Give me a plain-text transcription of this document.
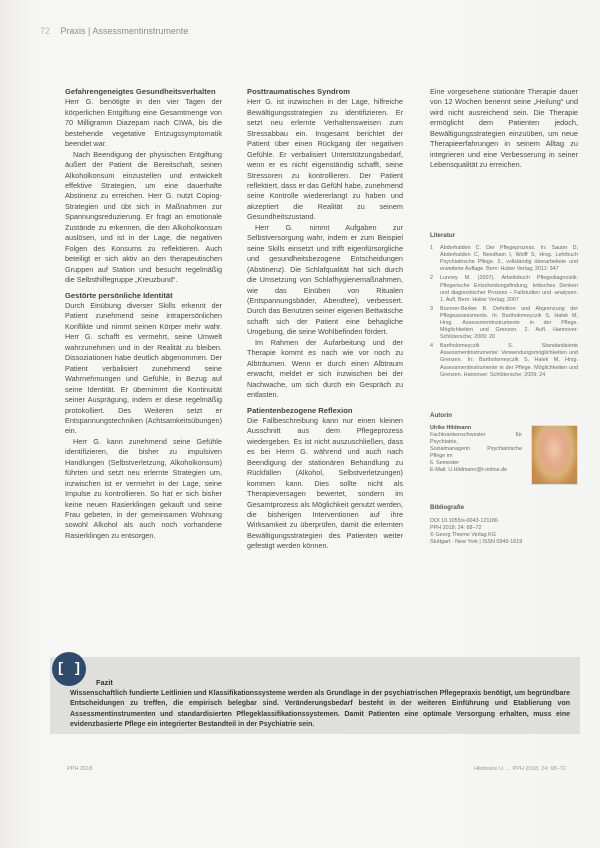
72 Praxis | Assessmentinstrumente
Gefahrengeneigtes Gesundheitsverhalten

Herr G. benötigte in den vier Tagen der körperlichen Entgiftung eine Gesamtmenge von 70 Milligramm Diazepam nach CIWA, bis die bestehende vegetative Entzugssymptomatik beendet war.

Nach Beendigung der physischen Entgiftung äußert der Patient die Bereitschaft, seinen Alkoholkonsum einzustellen und entwickelt effektive Strategien, um eine dauerhafte Abstinenz zu erreichen. Herr G. nutzt Coping-Strategien und übt sich in Maßnahmen zur Spannungsreduzierung. Er fragt an emotionale Zustände zu erkennen, die den Alkoholkonsum auslösen, und ist in der Lage, die negativen Folgen des Konsums zu reflektieren. Auch beteiligt er sich aktiv an den therapeutischen Gruppen auf Station und besucht regelmäßig die Selbsthilfegruppe „Kreuzbund“.

Gestörte persönliche Identität

Durch Einübung diverser Skills erkennt der Patient zunehmend seine intrapersönlichen Konflikte und nimmt seinen Körper mehr wahr. Herr G. schafft es vermehrt, seine Umwelt wahrzunehmen und in der Realität zu bleiben. Dissoziationen habe deutlich abgenommen. Der Patient verbalisiert zunehmend seine Wahrnehmungen und Gefühle, in Bezug auf seine Identität. Er übernimmt die Kontinuität seiner Ausprägung, indem er diese regelmäßig protokolliert. Des Weiteren setzt er Entspannungstechniken (Achtsamkeitsübungen) ein.

Herr G. kann zunehmend seine Gefühle identifizieren, die bisher zu impulsiven Handlungen (Selbstverletzung, Alkoholkonsum) führten und setzt neu erlernte Strategien um, inzwischen ist er vermehrt in der Lage, seine Impulse zu kontrollieren. So hat er sich bisher keine neuen Rasierklingen gekauft und seine Frau gebeten, in der gemeinsamen Wohnung sowohl Alkohol als auch noch vorhandene Rasierklingen zu entsorgen.

Posttraumatisches Syndrom

Herr G. ist inzwischen in der Lage, hilfreiche Bewältigungsstrategien zu identifizieren. Er setzt neu erlernte Verhaltensweisen zum Stressabbau ein. Insgesamt berichtet der Patient über einen Rückgang der negativen Gefühle. Er verbalisiert Unterstützungsbedarf, wenn er es nicht eigenständig schafft, seine Stressoren zu kontrollieren. Der Patient reflektiert, dass er das Gefühl habe, zunehmend seine Kontrolle wiedererlangt zu haben und akzeptiert die Realität zu seinem Gesundheitszustand.

Herr G. nimmt Aufgaben zur Selbstversorgung wahr, indem er zum Beispiel seine Skills einsetzt und trifft eigenfürsorgliche und gesundheitsbezogene Entscheidungen (Abstinenz). Die Schlafqualität hat sich durch die Umsetzung von Schlafhygienemaßnahmen, wie das Einüben von Ritualen (Entspannungsbäder, Abendtee), verbessert. Durch das Benutzen seiner eigenen Bettwäsche schafft sich der Patient eine behagliche Umgebung, die seine Wohlbefinden fördert.

Im Rahmen der Aufarbeitung und der Therapie kommt es nach wie vor noch zu Albträumen. Wenn er durch einen Albtraum erwacht, meldet er sich inzwischen bei der Nachwache, um sich durch ein Gespräch zu entlasten.

Patientenbezogene Reflexion

Die Fallbeschreibung kann nur einen kleinen Ausschnitt aus dem Pflegeprozess wiedergeben. Es ist nicht auszuschließen, dass es bei Herrn G. während und auch nach Beendigung der stationären Behandlung zu Rückfällen (Alkohol, Selbstverletzungen) kommen kann. Dies sollte nicht als Therapieversagen bewertet, sondern im Gesamtprozess als Möglichkeit genutzt werden, die bisherigen Interventionen auf ihre Wirksamkeit zu überprüfen, damit die erlernten Bewältigungsstrategien des Patienten weiter gefestigt werden können.

Eine vorgesehene stationäre Therapie dauer von 12 Wochen benennt seine „Heilung“ und wird nicht ausreichend sein. Die Therapie ermöglicht dem Patienten jedoch, Bewältigungsstrategien einzuüben, um neue Therapieerfahrungen in seinem Alltag zu integrieren und eine Verbesserung in seiner Lebensqualität zu erreichen.

Literatur
1	Abderhalden C. Der Pflegeprozess. In: Sauter D, Abderhalden C, Needham I, Wolff S, Hrsg. Lehrbuch Psychiatrische Pflege. 3., vollständig überarbeitete und erweiterte Auflage. Bern: Huber Verlag; 2011: 347
2	Lunney M. (2007). Arbeitsbuch Pflegediagnostik: Pflegerische Entscheidungsfindung, kritisches Denken und diagnostischer Prozess – Fallstudien und -analysen. 1. Aufl. Bern: Huber Verlag; 2007
3	Brunner-Berker B. Definition und Abgrenzung der Pflegeassessments. In: Bartholomeyczik S, Halek M, Hrsg. Assessmentinstrumente in der Pflege. Möglichkeiten und Grenzen. 2. Aufl. Hannover: Schlütersche; 2009: 20
4	Bartholomeyczik S. Standardisierte Assessmentinstrumente: Verwendungsmöglichkeiten und Grenzen. In: Bartholomeyczik S, Halek M, Hrsg. Assessmentinstrumente in der Pflege. Möglichkeiten und Grenzen. Hannover: Schlütersche; 2009: 24
Autorin
Ulrike Hildmann
Fachkrankenschwester für Psychiatrie,
Sozialmanagerin Psychiatrische Pflege im
6. Semester
E-Mail: U.Hildmann@t-online.de
Bibliografie
DOI 10.1055/s-0043-121186
PPH 2018; 24: 68–72
© Georg Thieme Verlag KG
Stuttgart · New York | ISSN 0949-1619
[ ]
Fazit
Wissenschaftlich fundierte Leitlinien und Klassifikationssysteme werden als Grundlage in der psychiatrischen Pflegepraxis benötigt, um begründbare Entscheidungen zu treffen, die empirisch belegbar sind. Veränderungsbedarf besteht in der weiteren Einführung und Etablierung von Assessmentinstrumenten und standardisierten Pflegeklassifikationssystemen. Damit Patienten eine optimale Versorgung erhalten, muss eine evidenzbasierte Pflege ein integrierter Bestandteil in der Psychiatrie sein.
PPH 2018	Hildmann U. ... PPH 2018; 24: 68–72
